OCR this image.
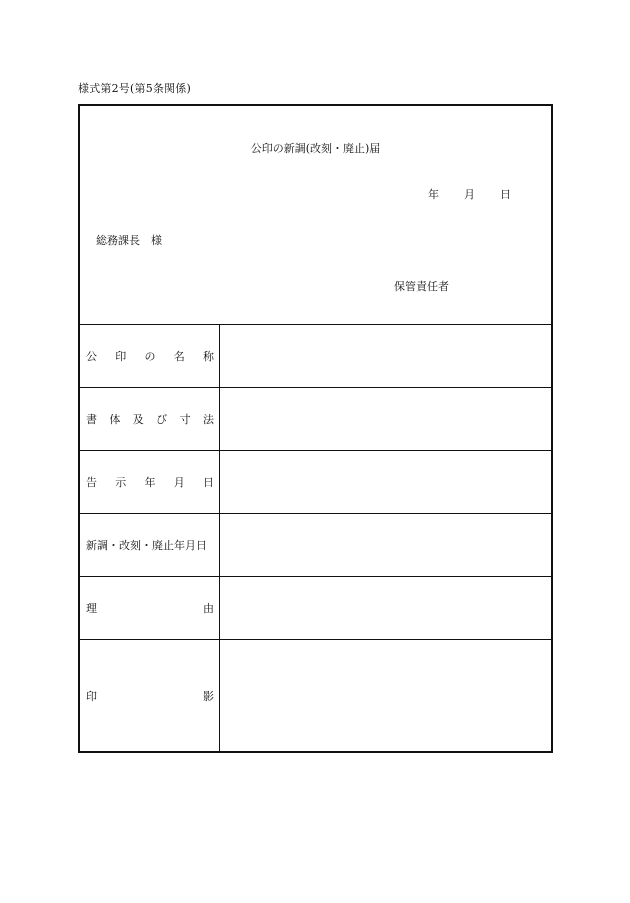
様式第2号(第5条関係)
公印の新調(改刻・廃止)届
年	月	日
総務課長　様
保管責任者
公 印 の 名 称
書 体 及 び 寸 法
告 示 年 月 日
新調・改刻・廃止年月日
理	由
印	影
